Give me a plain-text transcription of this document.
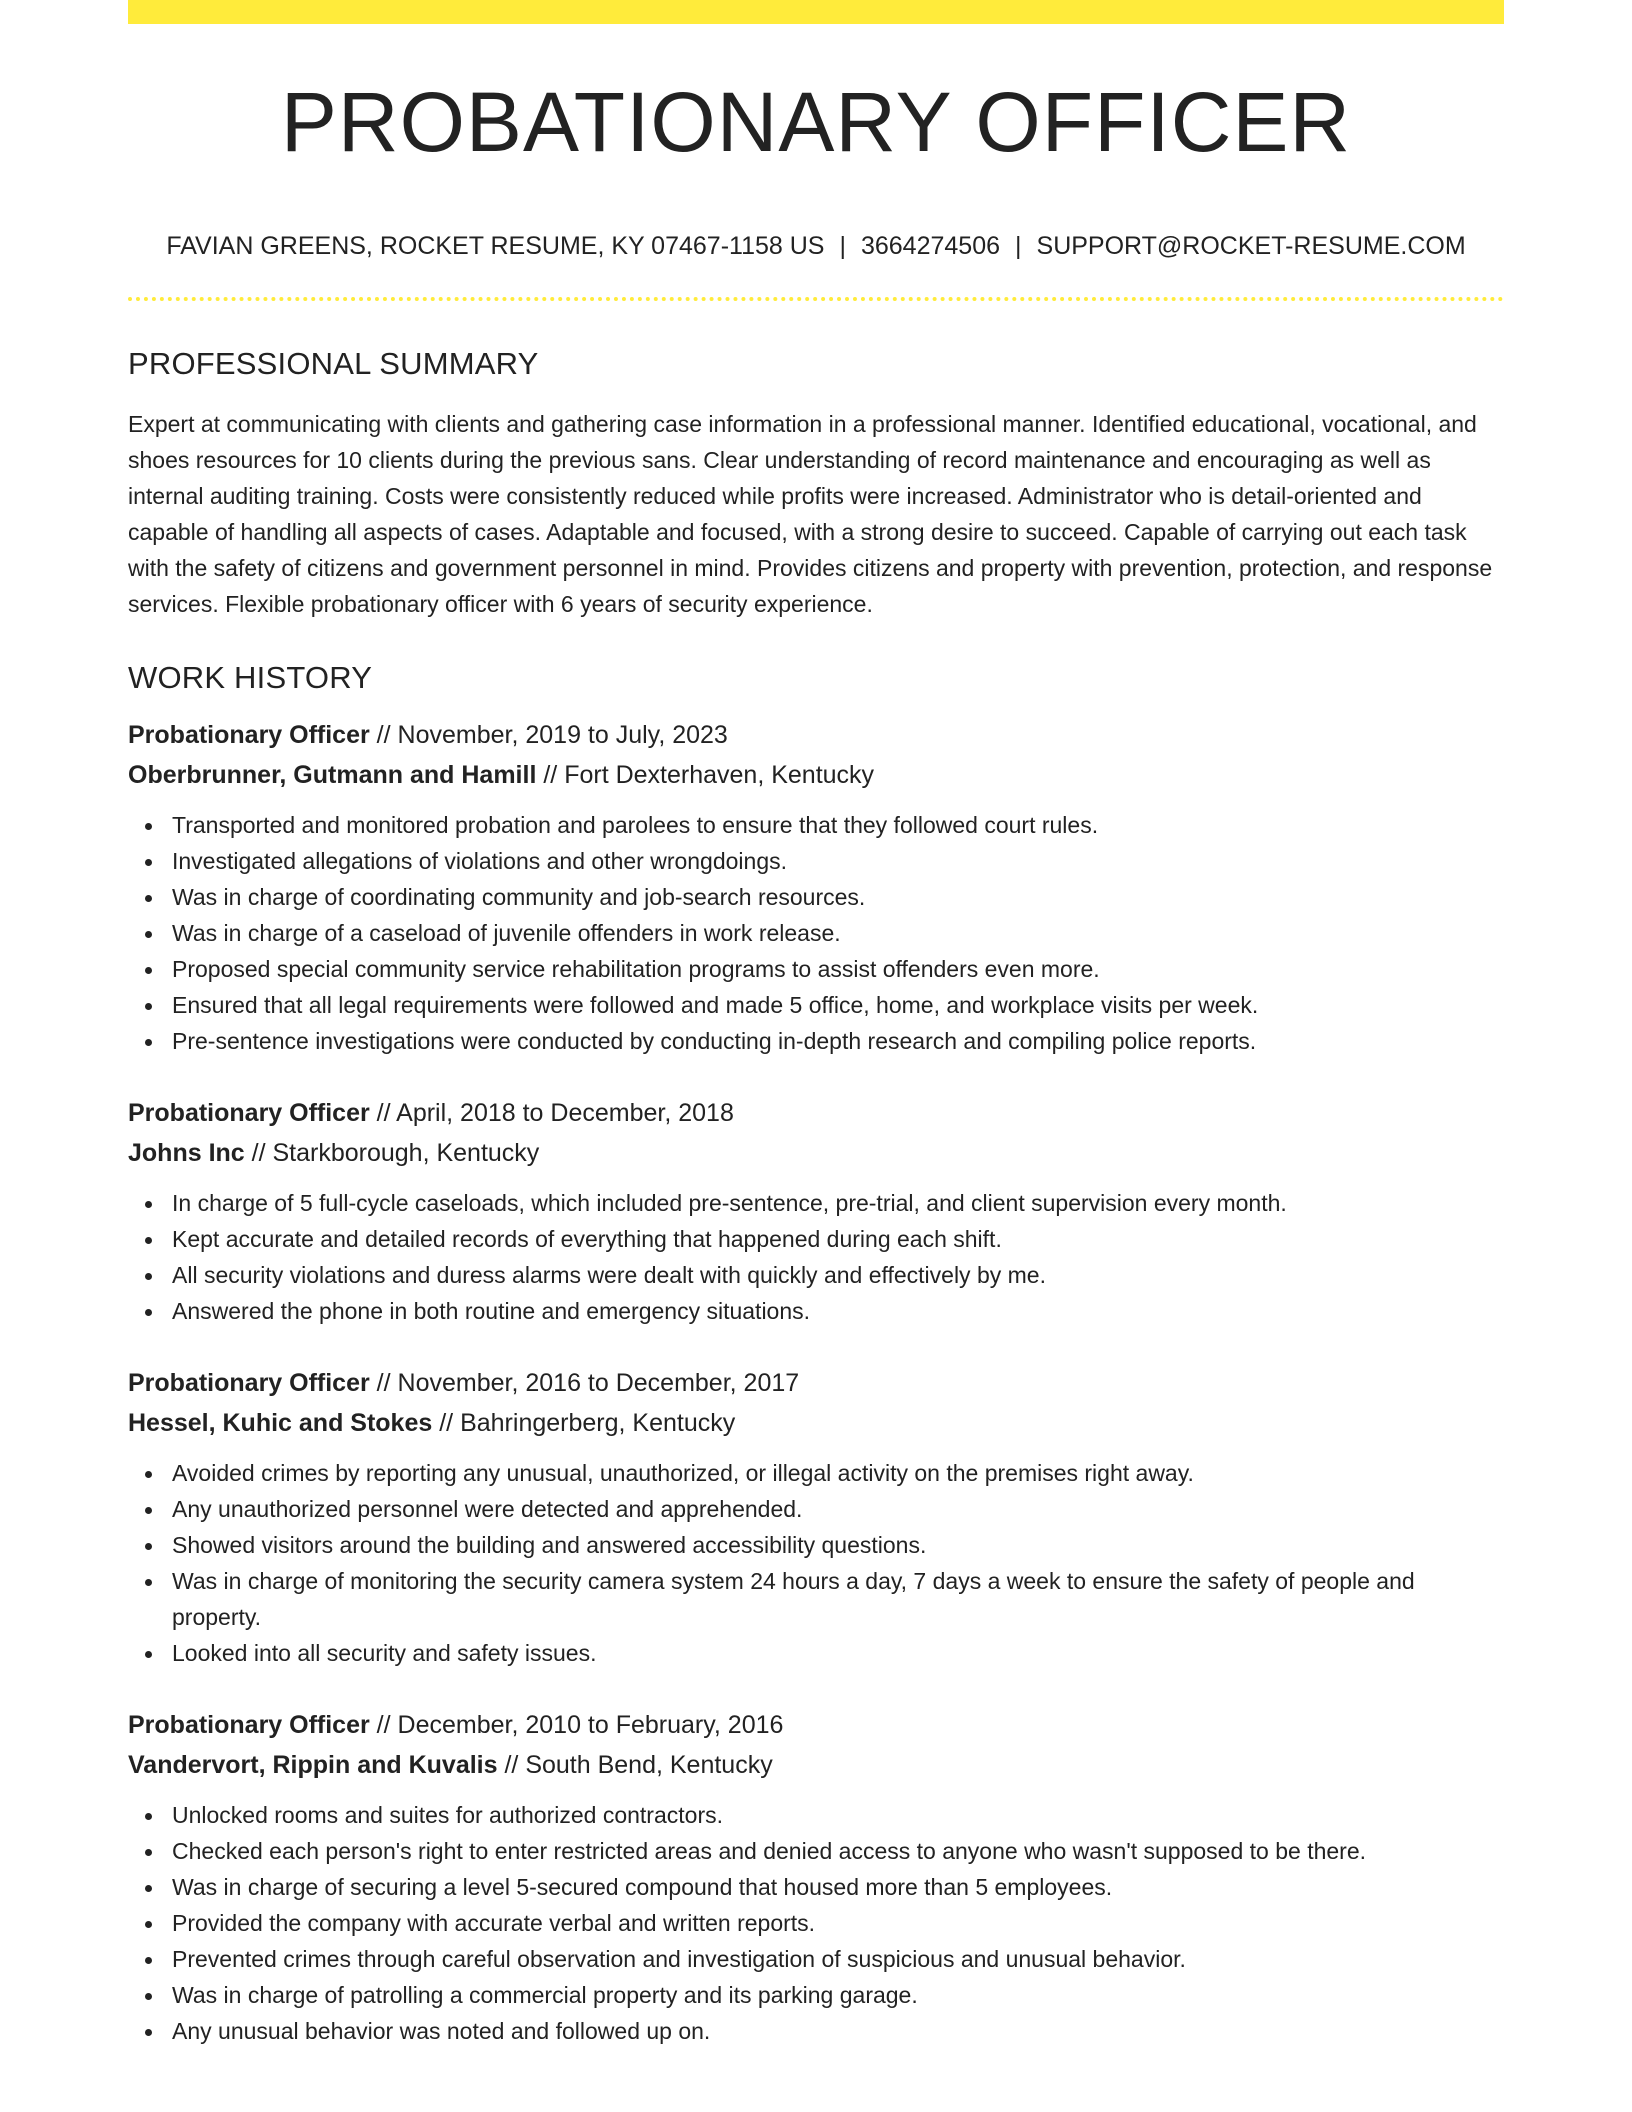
PROBATIONARY OFFICER
FAVIAN GREENS, ROCKET RESUME, KY 07467-1158 US | 3664274506 | SUPPORT@ROCKET-RESUME.COM
PROFESSIONAL SUMMARY

Expert at communicating with clients and gathering case information in a professional manner. Identified educational, vocational, and shoes resources for 10 clients during the previous sans. Clear understanding of record maintenance and encouraging as well as internal auditing training. Costs were consistently reduced while profits were increased. Administrator who is detail-oriented and capable of handling all aspects of cases. Adaptable and focused, with a strong desire to succeed. Capable of carrying out each task with the safety of citizens and government personnel in mind. Provides citizens and property with prevention, protection, and response services. Flexible probationary officer with 6 years of security experience.

WORK HISTORY
Probationary Officer // November, 2019 to July, 2023
Oberbrunner, Gutmann and Hamill // Fort Dexterhaven, Kentucky
Transported and monitored probation and parolees to ensure that they followed court rules.
Investigated allegations of violations and other wrongdoings.
Was in charge of coordinating community and job-search resources.
Was in charge of a caseload of juvenile offenders in work release.
Proposed special community service rehabilitation programs to assist offenders even more.
Ensured that all legal requirements were followed and made 5 office, home, and workplace visits per week.
Pre-sentence investigations were conducted by conducting in-depth research and compiling police reports.
Probationary Officer // April, 2018 to December, 2018
Johns Inc // Starkborough, Kentucky
In charge of 5 full-cycle caseloads, which included pre-sentence, pre-trial, and client supervision every month.
Kept accurate and detailed records of everything that happened during each shift.
All security violations and duress alarms were dealt with quickly and effectively by me.
Answered the phone in both routine and emergency situations.
Probationary Officer // November, 2016 to December, 2017
Hessel, Kuhic and Stokes // Bahringerberg, Kentucky
Avoided crimes by reporting any unusual, unauthorized, or illegal activity on the premises right away.
Any unauthorized personnel were detected and apprehended.
Showed visitors around the building and answered accessibility questions.
Was in charge of monitoring the security camera system 24 hours a day, 7 days a week to ensure the safety of people and property.
Looked into all security and safety issues.
Probationary Officer // December, 2010 to February, 2016
Vandervort, Rippin and Kuvalis // South Bend, Kentucky
Unlocked rooms and suites for authorized contractors.
Checked each person's right to enter restricted areas and denied access to anyone who wasn't supposed to be there.
Was in charge of securing a level 5-secured compound that housed more than 5 employees.
Provided the company with accurate verbal and written reports.
Prevented crimes through careful observation and investigation of suspicious and unusual behavior.
Was in charge of patrolling a commercial property and its parking garage.
Any unusual behavior was noted and followed up on.
